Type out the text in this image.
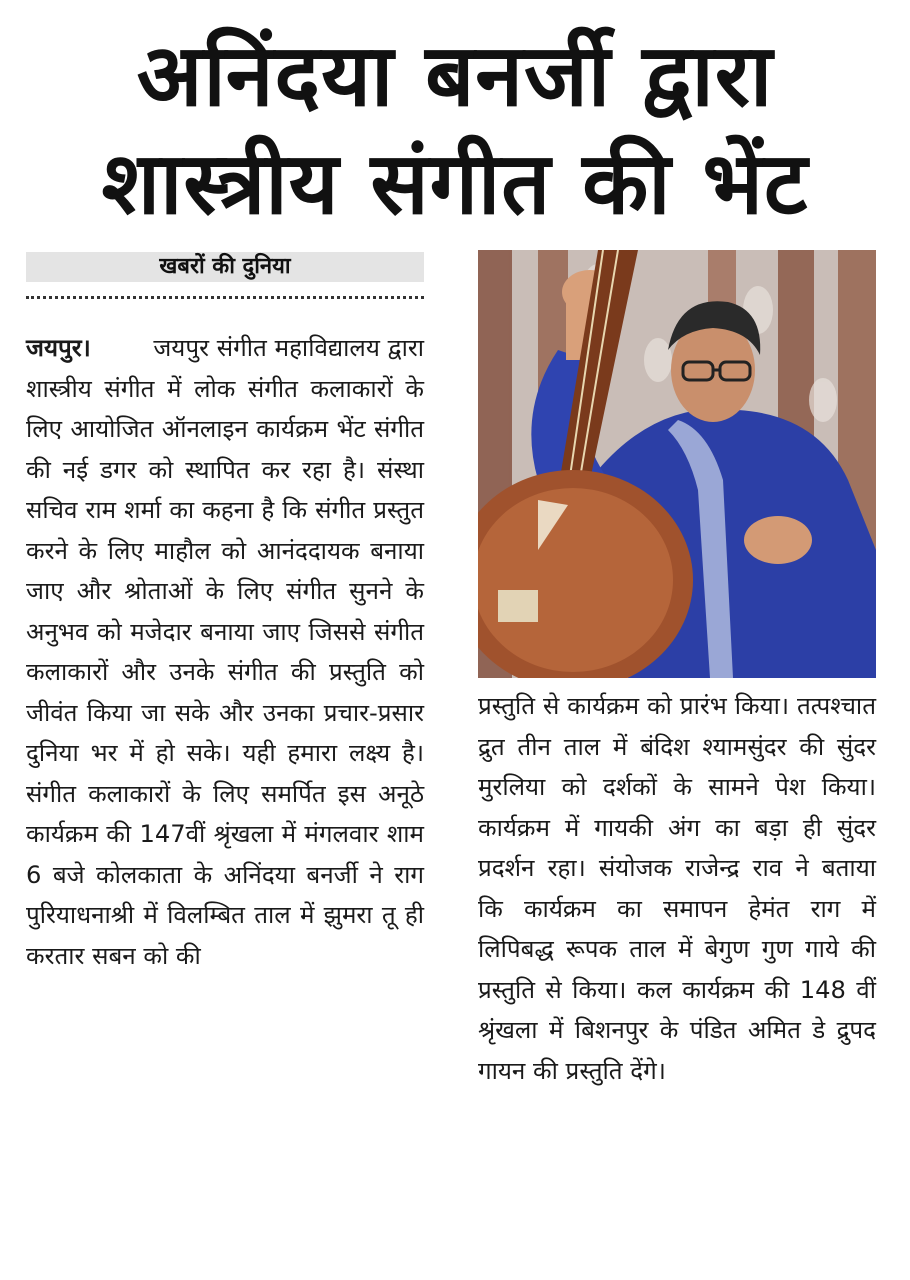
अनिंदया बनर्जी द्वारा
शास्त्रीय संगीत की भेंट
खबरों की दुनिया

जयपुर।	जयपुर संगीत महाविद्यालय द्वारा शास्त्रीय संगीत में लोक संगीत कलाकारों के लिए आयोजित ऑनलाइन कार्यक्रम भेंट संगीत की नई डगर को स्थापित कर रहा है। संस्था सचिव राम शर्मा का कहना है कि संगीत प्रस्तुत करने के लिए माहौल को आनंददायक बनाया जाए और श्रोताओं के लिए संगीत सुनने के अनुभव को मजेदार बनाया जाए जिससे संगीत कलाकारों और उनके संगीत की प्रस्तुति को जीवंत किया जा सके और उनका प्रचार-प्रसार दुनिया भर में हो सके। यही हमारा लक्ष्य है। संगीत कलाकारों के लिए समर्पित इस अनूठे कार्यक्रम की 147वीं श्रृंखला में मंगलवार शाम 6 बजे कोलकाता के अनिंदया बनर्जी ने राग पुरियाधनाश्री में विलम्बित ताल में झुमरा तू ही करतार सबन को की

प्रस्तुति से कार्यक्रम को प्रारंभ किया। तत्पश्चात द्रुत तीन ताल में बंदिश श्यामसुंदर की सुंदर मुरलिया को दर्शकों के सामने पेश किया। कार्यक्रम में गायकी अंग का बड़ा ही सुंदर प्रदर्शन रहा। संयोजक राजेन्द्र राव ने बताया कि कार्यक्रम का समापन हेमंत राग में लिपिबद्ध रूपक ताल में बेगुण गुण गाये की प्रस्तुति से किया। कल कार्यक्रम की 148 वीं श्रृंखला में बिशनपुर के पंडित अमित डे द्रुपद गायन की प्रस्तुति देंगे।
